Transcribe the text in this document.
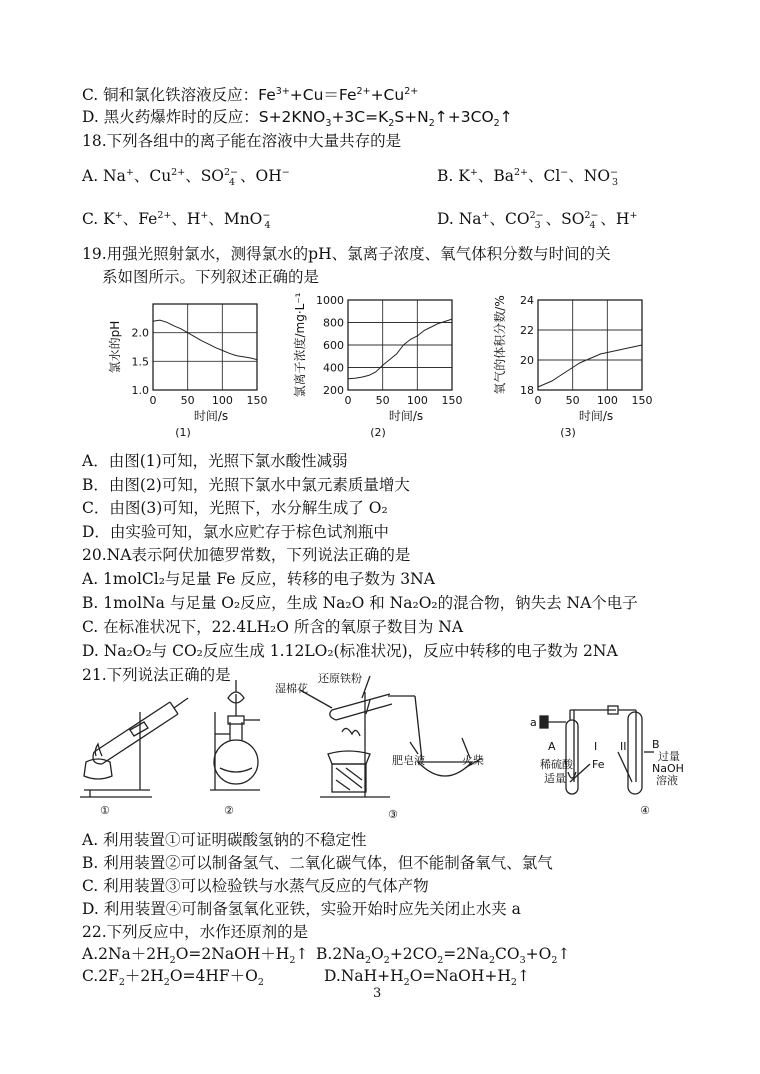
C. 铜和氯化铁溶液反应：$Fe^{3+}+Cu=Fe^{2+}+Cu^{2+}$
D. 黑火药爆炸时的反应：$S+2KNO_3+3C=K_2S+N_2↑+3CO_2↑$
18.下列各组中的离子能在溶液中大量共存的是
A. Na+、$Cu^{2+}$、$SO^{2-}_4$ 、OH−	B. K+、$Ba^{2+}$、Cl−、$NO^-_3$
C. K+、$Fe^{2+}$、H+、MnO−$_4$	D. Na+、$CO^{2-}_3$ 、$SO^{2-}_4$ 、H+
19.用强光照射氯水，测得氯水的pH、氯离子浓度、氧气体积分数与时间的关
系如图所示。下列叙述正确的是
0 50 100 150
1.0
1.5
2.0
时间/s
氯水的pH
(1)
0 50 100 150
200
400
600
800
1000
时间/s
氯离子浓度/mg·L⁻¹
(2)
0 50 100 150
18
20
22
24
时间/s
氧气的体积分数/%
(3)
A．由图(1)可知，光照下氯水酸性减弱
B．由图(2)可知，光照下氯水中氯元素质量增大
C．由图(3)可知，光照下，水分解生成了 O₂
D．由实验可知，氯水应贮存于棕色试剂瓶中
20.NA表示阿伏加德罗常数，下列说法正确的是
A. 1molCl₂与足量 Fe 反应，转移的电子数为 3NA
B. 1molNa 与足量 O₂反应，生成 Na₂O 和 Na₂O₂的混合物，钠失去 NA个电子
C. 在标准状况下，22.4LH₂O 所含的氧原子数目为 NA
D. Na₂O₂与 CO₂反应生成 1.12LO₂(标准状况)，反应中转移的电子数为 2NA
21.下列说法正确的是
湿棉花
还原铁粉
肥皂液	火柴
a
A	I II B
稀硫酸
适量
Fe
过量
NaOH
溶液
①	②	③	④
A. 利用装置①可证明碳酸氢钠的不稳定性
B. 利用装置②可以制备氢气、二氧化碳气体，但不能制备氧气、氯气
C. 利用装置③可以检验铁与水蒸气反应的气体产物
D. 利用装置④可制备氢氧化亚铁，实验开始时应先关闭止水夹 a
22.下列反应中，水作还原剂的是
$A.2Na+2H_2O=2NaOH+H_2↑$ $B.2Na_2O_2+2CO_2=2Na_2CO_3+O_2↑$
$C.2F_2+2H_2O=4HF+O_2$	$D.NaH+H_2O=NaOH+H_2↑$
3
